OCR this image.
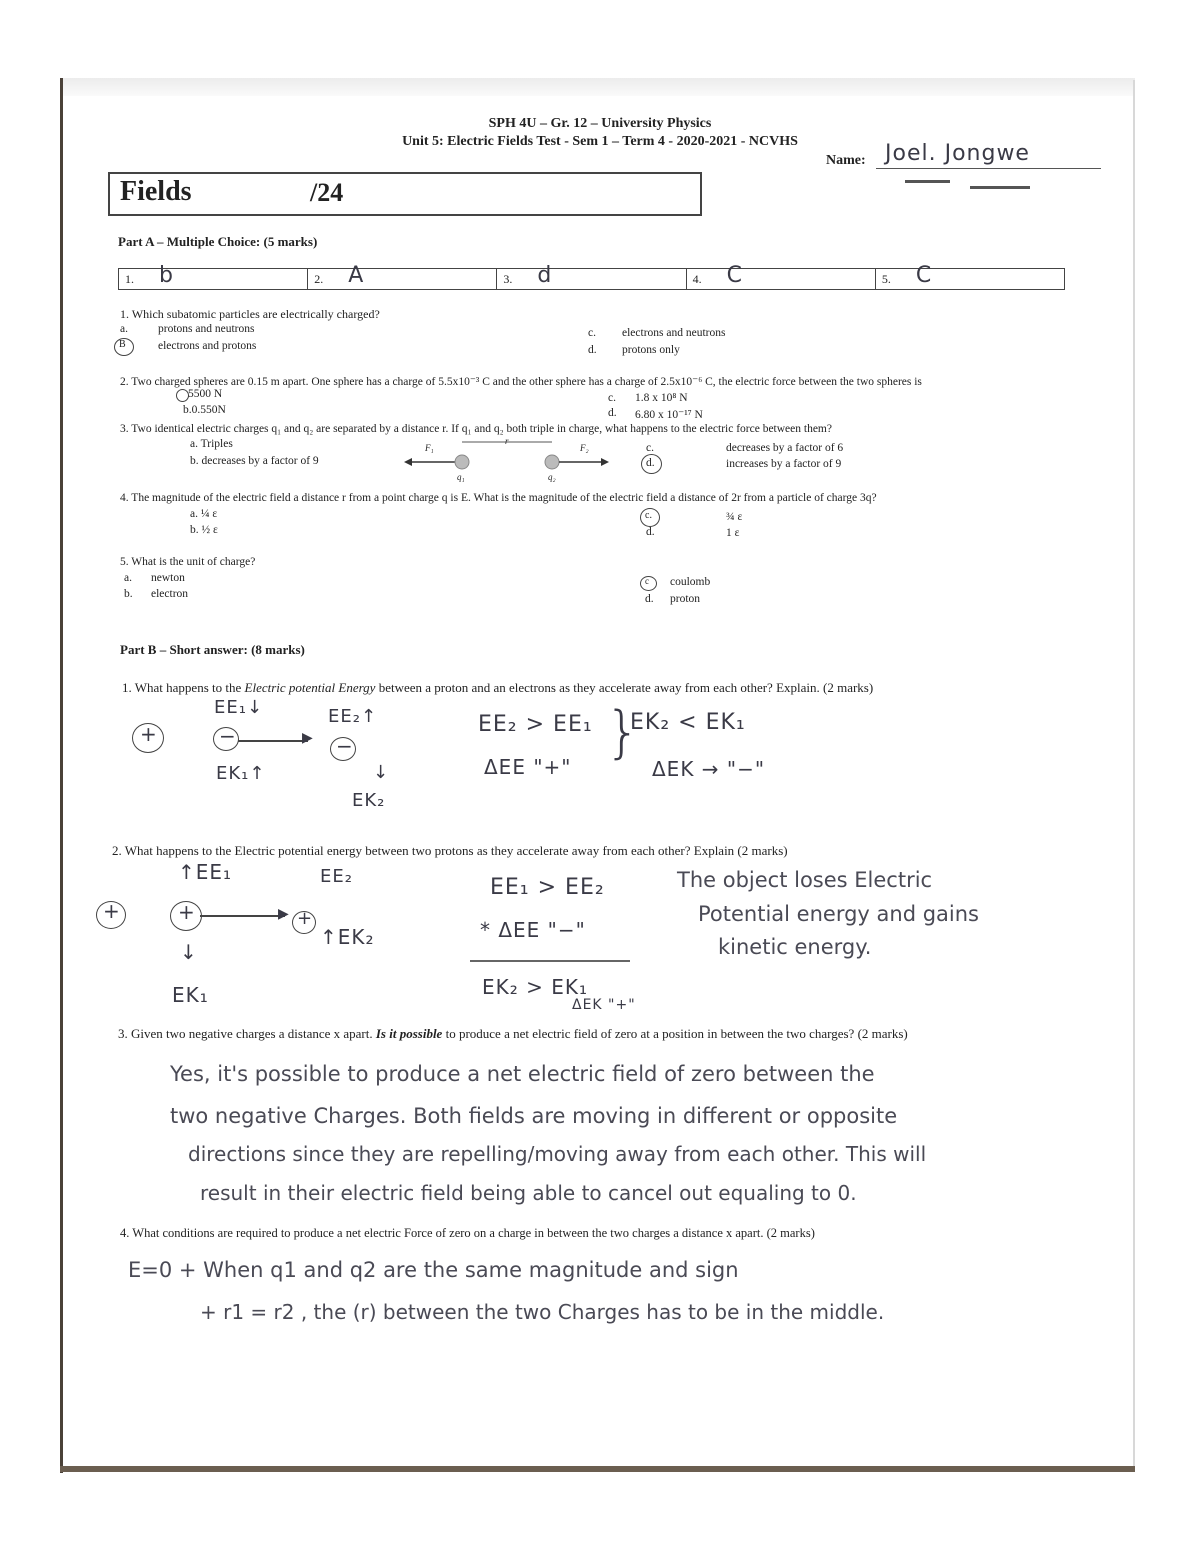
SPH 4U – Gr. 12 – University Physics
Unit 5: Electric Fields Test - Sem 1 – Term 4 - 2020-2021 - NCVHS
Name: Joel. Jongwe
Fields	/24
Part A – Multiple Choice: (5 marks)
1. b	2. A	3. d	4. C	5. C
1. Which subatomic particles are electrically charged?
a.	protons and neutrons
B	electrons and protons
c. electrons and neutrons
d. protons only
2. Two charged spheres are 0.15 m apart. One sphere has a charge of 5.5x10⁻³ C and the other sphere has a charge of 2.5x10⁻⁶ C, the electric force between the two spheres is
5500 N
b.0.550N
c. 1.8 x 10⁸ N
d. 6.80 x 10⁻¹⁷ N
3. Two identical electric charges q₁ and q₂ are separated by a distance r. If q₁ and q₂ both triple in charge, what happens to the electric force between them?
a. Triples
b. decreases by a factor of 9
F₁
r
F₂
q₁	q₂
c.	decreases by a factor of 6
d.	increases by a factor of 9
4. The magnitude of the electric field a distance r from a point charge q is E. What is the magnitude of the electric field a distance of 2r from a particle of charge 3q?
a. ¼ ε
b. ½ ε
c.	¾ ε
d.	1 ε
5. What is the unit of charge?
a. newton
b. electron
c coulomb
d. proton
Part B – Short answer: (8 marks)
1. What happens to the Electric potential Energy between a proton and an electrons as they accelerate away from each other? Explain. (2 marks)
+
EE₁↓
−	▶
EE₂↑
−
EK₁↑	↓
EK₂
EE₂ > EE₁
ΔEE "+"
}
EK₂ < EK₁
ΔEK → "−"
2. What happens to the Electric potential energy between two protons as they accelerate away from each other? Explain (2 marks)
+
↑EE₁
+	▶ +
↓
EK₁
EE₂
↑EK₂
EE₁ > EE₂
* ΔEE "−"
EK₂ > EK₁
ΔEK "+"
The object loses Electric
Potential energy and gains
kinetic energy.
3. Given two negative charges a distance x apart. Is it possible to produce a net electric field of zero at a position in between the two charges? (2 marks)
Yes, it's possible to produce a net electric field of zero between the
two negative Charges. Both fields are moving in different or opposite
directions since they are repelling/moving away from each other. This will
result in their electric field being able to cancel out equaling to 0.
4. What conditions are required to produce a net electric Force of zero on a charge in between the two charges a distance x apart. (2 marks)
E=0 + When q1 and q2 are the same magnitude and sign
+ r1 = r2 , the (r) between the two Charges has to be in the middle.
